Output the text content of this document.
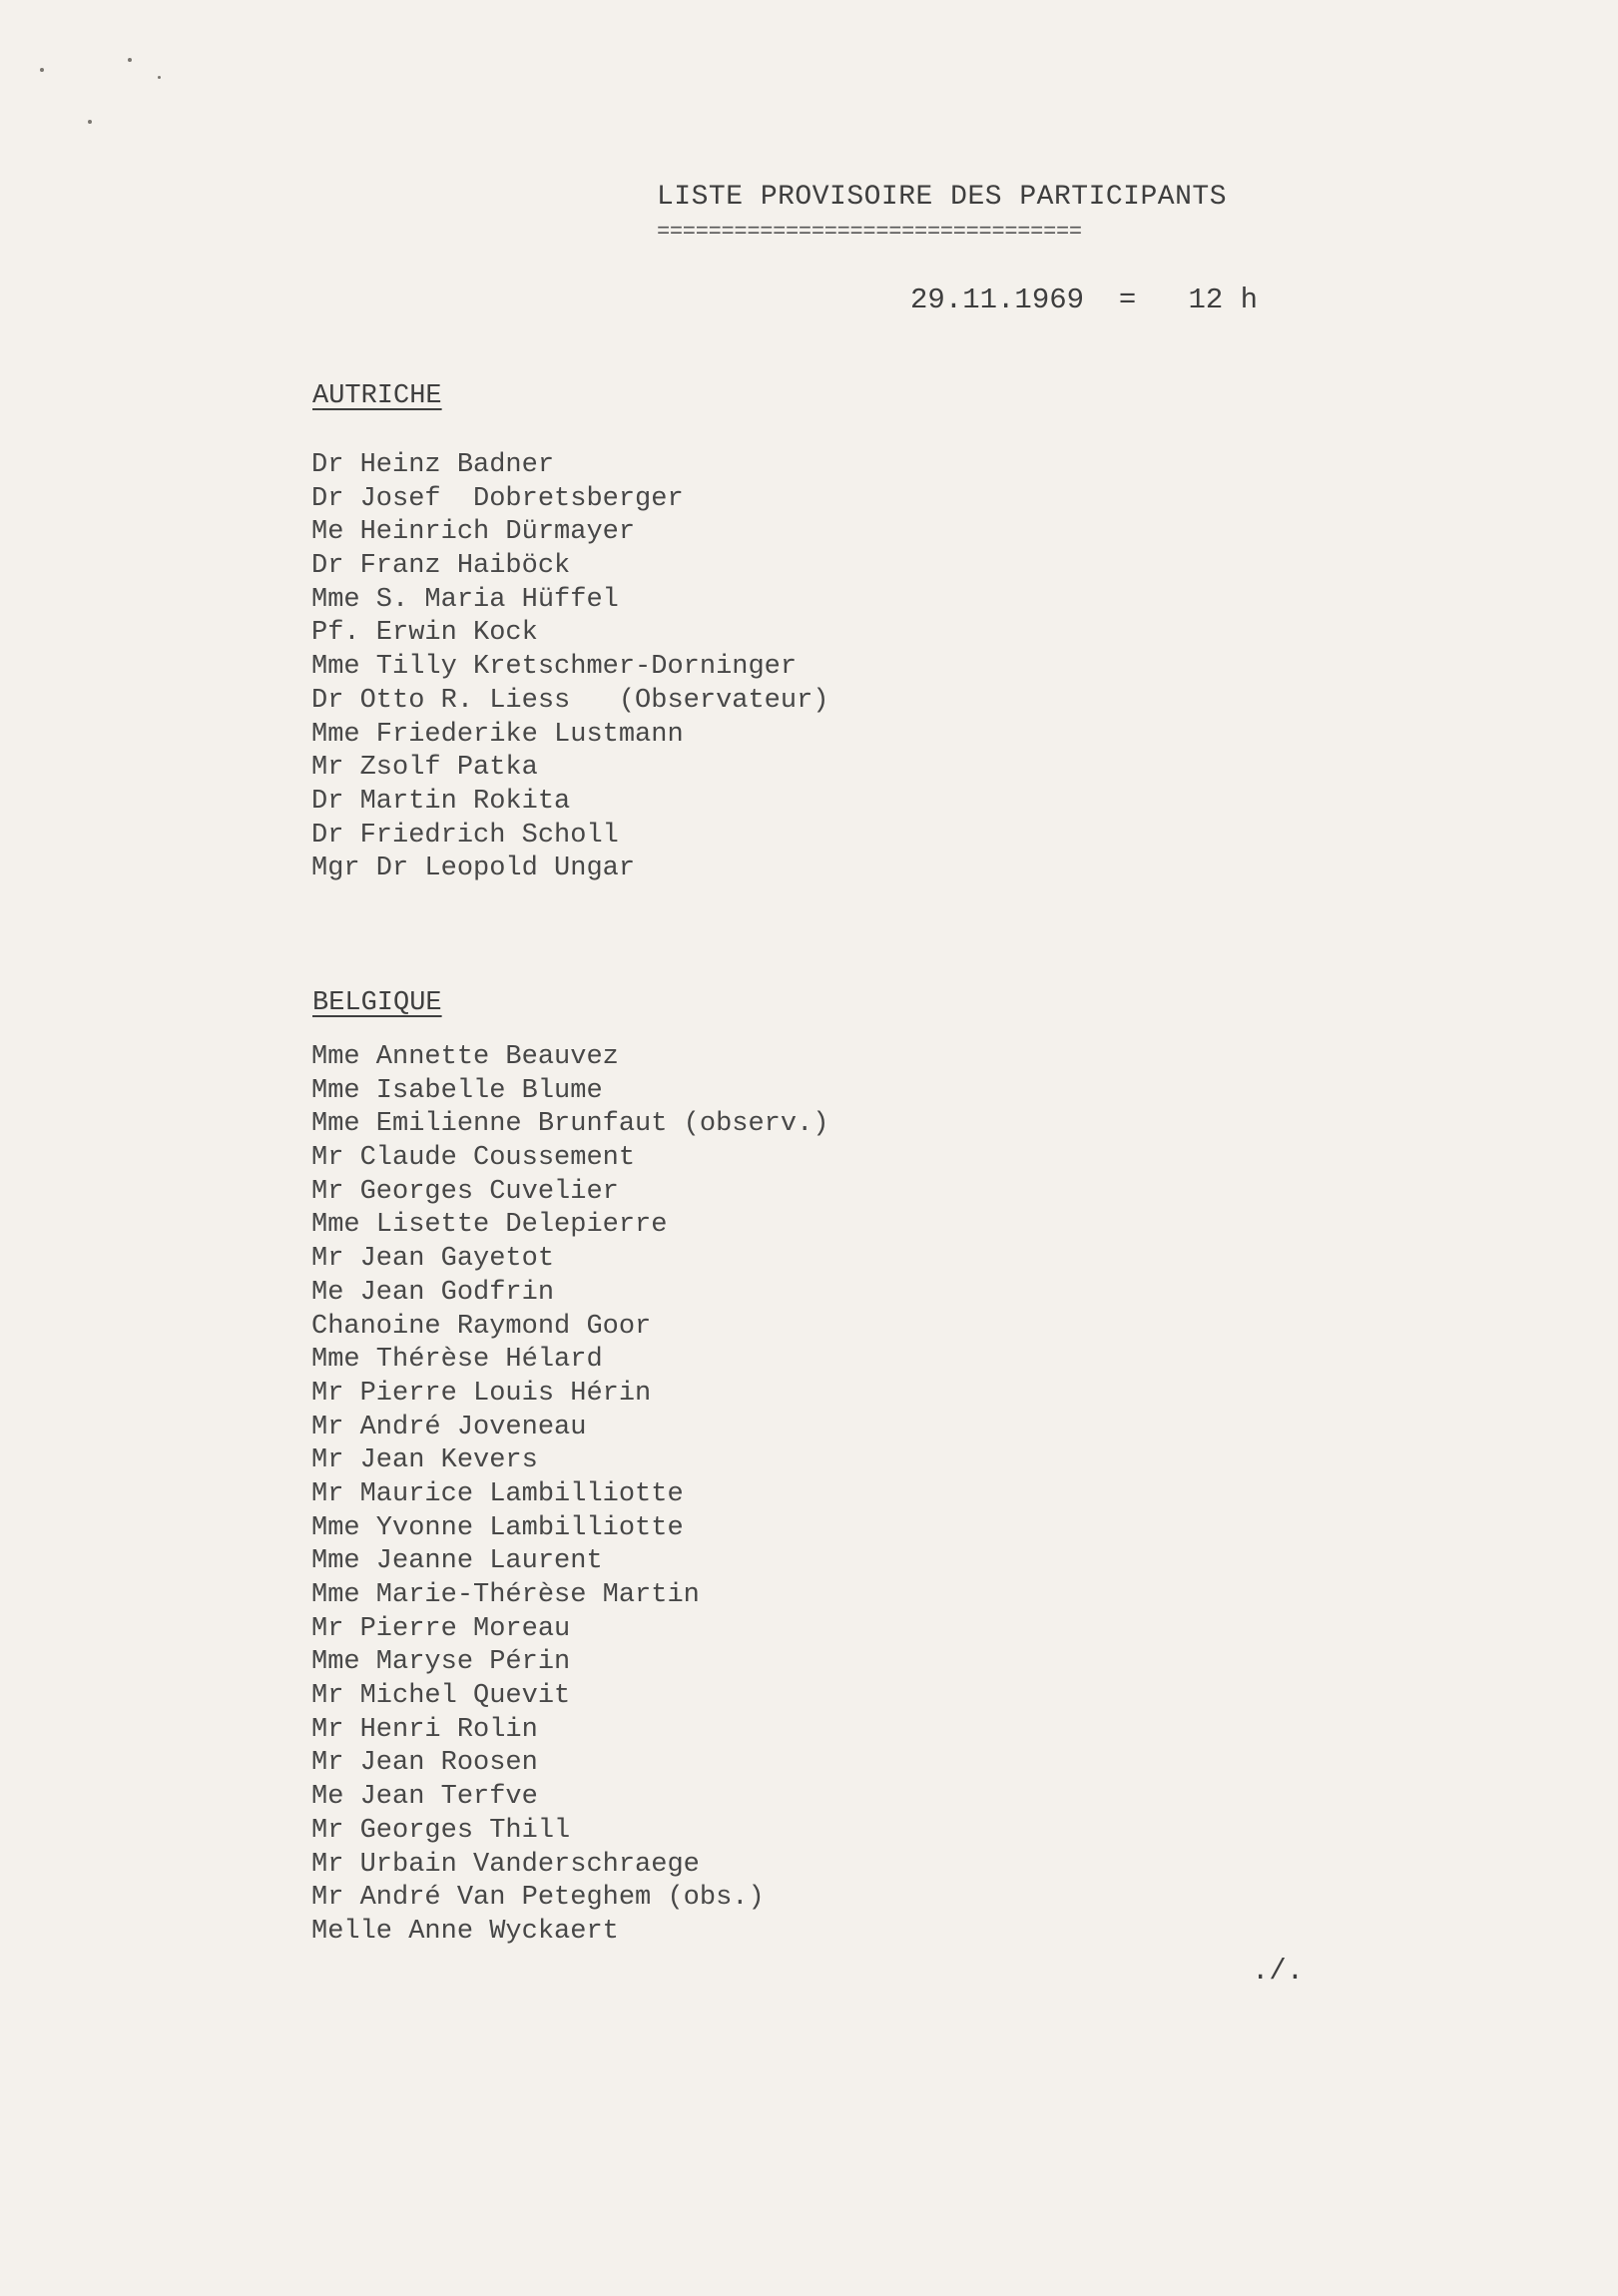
LISTE PROVISOIRE DES PARTICIPANTS
=================================
29.11.1969 = 12 h
AUTRICHE
Dr Heinz Badner
Dr Josef  Dobretsberger
Me Heinrich Dürmayer
Dr Franz Haiböck
Mme S. Maria Hüffel
Pf. Erwin Kock
Mme Tilly Kretschmer-Dorninger
Dr Otto R. Liess   (Observateur)
Mme Friederike Lustmann
Mr Zsolf Patka
Dr Martin Rokita
Dr Friedrich Scholl
Mgr Dr Leopold Ungar
BELGIQUE
Mme Annette Beauvez
Mme Isabelle Blume
Mme Emilienne Brunfaut (observ.)
Mr Claude Coussement
Mr Georges Cuvelier
Mme Lisette Delepierre
Mr Jean Gayetot
Me Jean Godfrin
Chanoine Raymond Goor
Mme Thérèse Hélard
Mr Pierre Louis Hérin
Mr André Joveneau
Mr Jean Kevers
Mr Maurice Lambilliotte
Mme Yvonne Lambilliotte
Mme Jeanne Laurent
Mme Marie-Thérèse Martin
Mr Pierre Moreau
Mme Maryse Périn
Mr Michel Quevit
Mr Henri Rolin
Mr Jean Roosen
Me Jean Terfve
Mr Georges Thill
Mr Urbain Vanderschraege
Mr André Van Peteghem (obs.)
Melle Anne Wyckaert
./.
